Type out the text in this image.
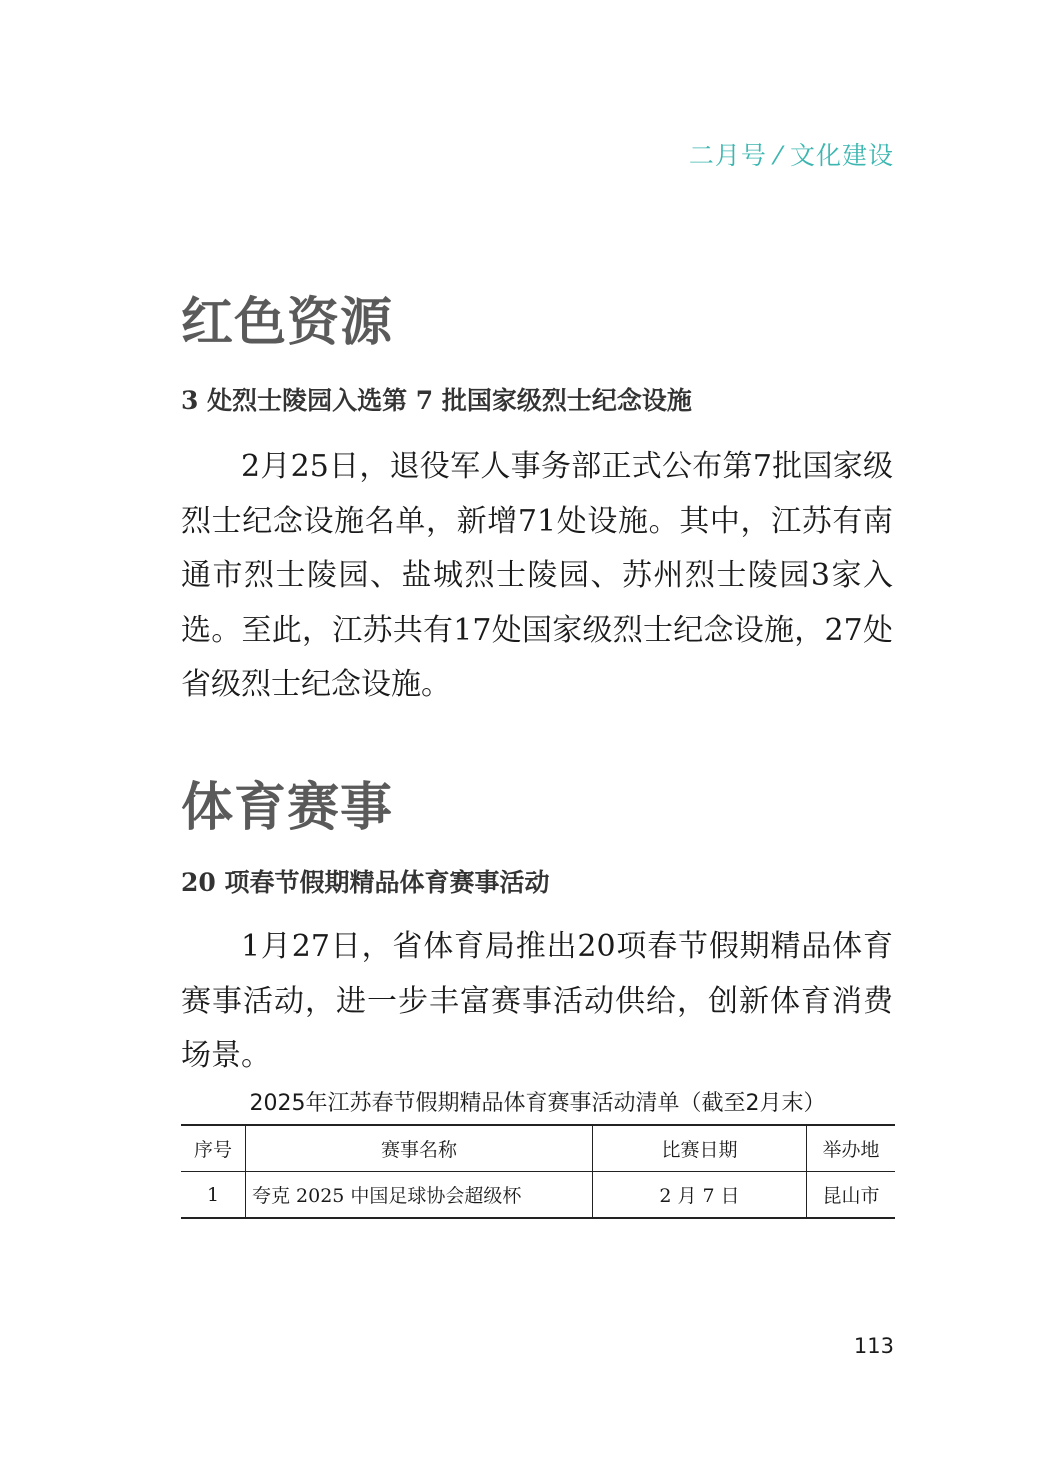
二月号 ⁄ 文化建设
红色资源
3 处烈士陵园入选第 7 批国家级烈士纪念设施
2月25日，退役军人事务部正式公布第7批国家级烈士纪念设施名单，新增71处设施。其中，江苏有南通市烈士陵园、盐城烈士陵园、苏州烈士陵园3家入选。至此，江苏共有17处国家级烈士纪念设施，27处省级烈士纪念设施。
体育赛事
20 项春节假期精品体育赛事活动
1月27日，省体育局推出20项春节假期精品体育赛事活动，进一步丰富赛事活动供给，创新体育消费场景。
2025年江苏春节假期精品体育赛事活动清单（截至2月末）
序号	赛事名称	比赛日期	举办地
1	夸克 2025 中国足球协会超级杯	2 月 7 日	昆山市
113
